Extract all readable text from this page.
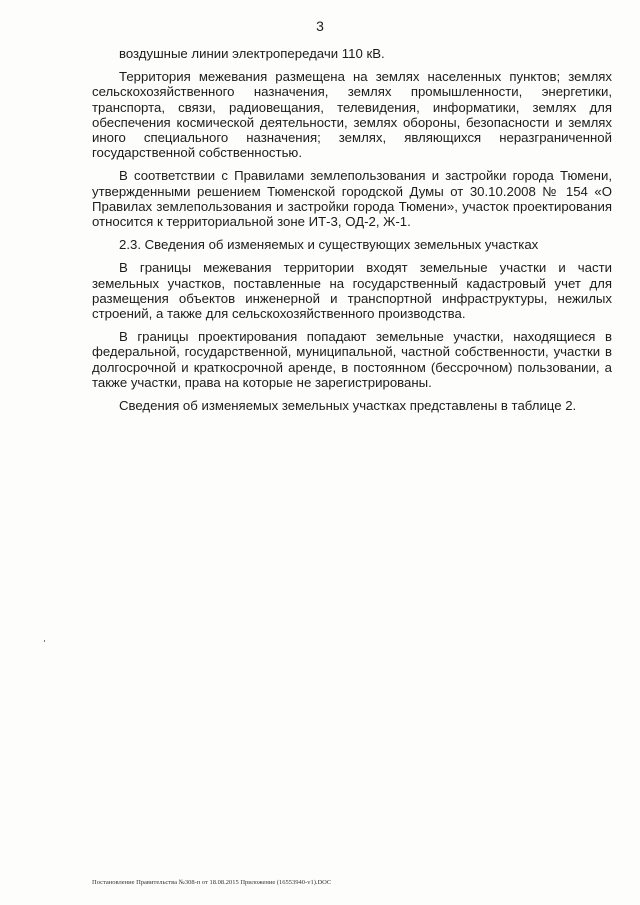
3

воздушные линии электропередачи 110 кВ.

Территория межевания размещена на землях населенных пунктов; землях сельскохозяйственного назначения, землях промышленности, энергетики, транспорта, связи, радиовещания, телевидения, информатики, землях для обеспечения космической деятельности, землях обороны, безопасности и землях иного специального назначения; землях, являющихся неразграниченной государственной собственностью.

В соответствии с Правилами землепользования и застройки города Тюмени, утвержденными решением Тюменской городской Думы от 30.10.2008 № 154 «О Правилах землепользования и застройки города Тюмени», участок проектирования относится к территориальной зоне ИТ-3, ОД-2, Ж-1.

2.3. Сведения об изменяемых и существующих земельных участках

В границы межевания территории входят земельные участки и части земельных участков, поставленные на государственный кадастровый учет для размещения объектов инженерной и транспортной инфраструктуры, нежилых строений, а также для сельскохозяйственного производства.

В границы проектирования попадают земельные участки, находящиеся в федеральной, государственной, муниципальной, частной собственности, участки в долгосрочной и краткосрочной аренде, в постоянном (бессрочном) пользовании, а также участки, права на которые не зарегистрированы.

Сведения об изменяемых земельных участках представлены в таблице 2.

Постановление Правительства №308-п от 18.08.2015 Приложение (16553940-v1).DOC
